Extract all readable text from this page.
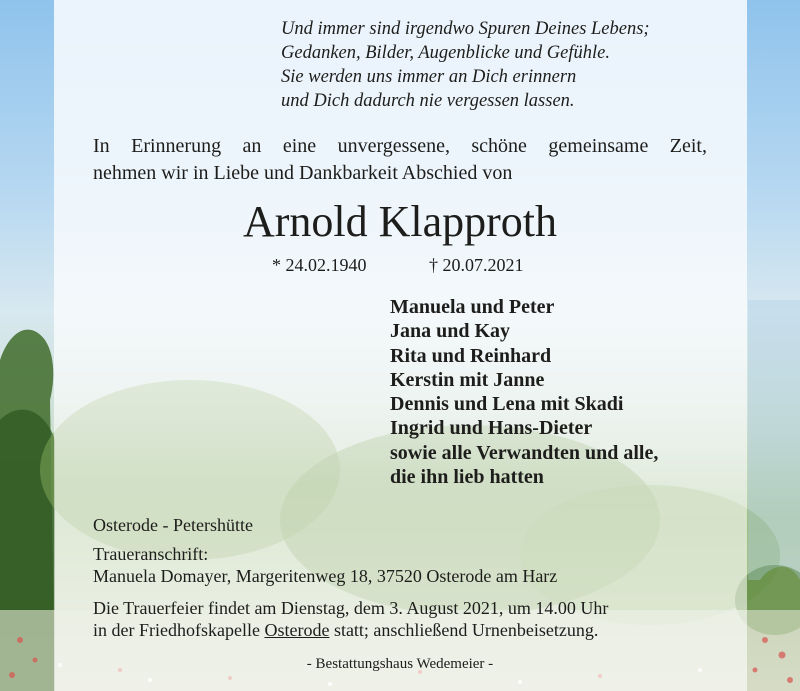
Und immer sind irgendwo Spuren Deines Lebens;
Gedanken, Bilder, Augenblicke und Gefühle.
Sie werden uns immer an Dich erinnern
und Dich dadurch nie vergessen lassen.
In Erinnerung an eine unvergessene, schöne gemeinsame Zeit,
nehmen wir in Liebe und Dankbarkeit Abschied von
Arnold Klapproth
* 24.02.1940	† 20.07.2021
Manuela und Peter
Jana und Kay
Rita und Reinhard
Kerstin mit Janne
Dennis und Lena mit Skadi
Ingrid und Hans-Dieter
sowie alle Verwandten und alle,
die ihn lieb hatten
Osterode - Petershütte
Traueranschrift:
Manuela Domayer, Margeritenweg 18, 37520 Osterode am Harz
Die Trauerfeier findet am Dienstag, dem 3. August 2021, um 14.00 Uhr
in der Friedhofskapelle Osterode statt; anschließend Urnenbeisetzung.
- Bestattungshaus Wedemeier -
